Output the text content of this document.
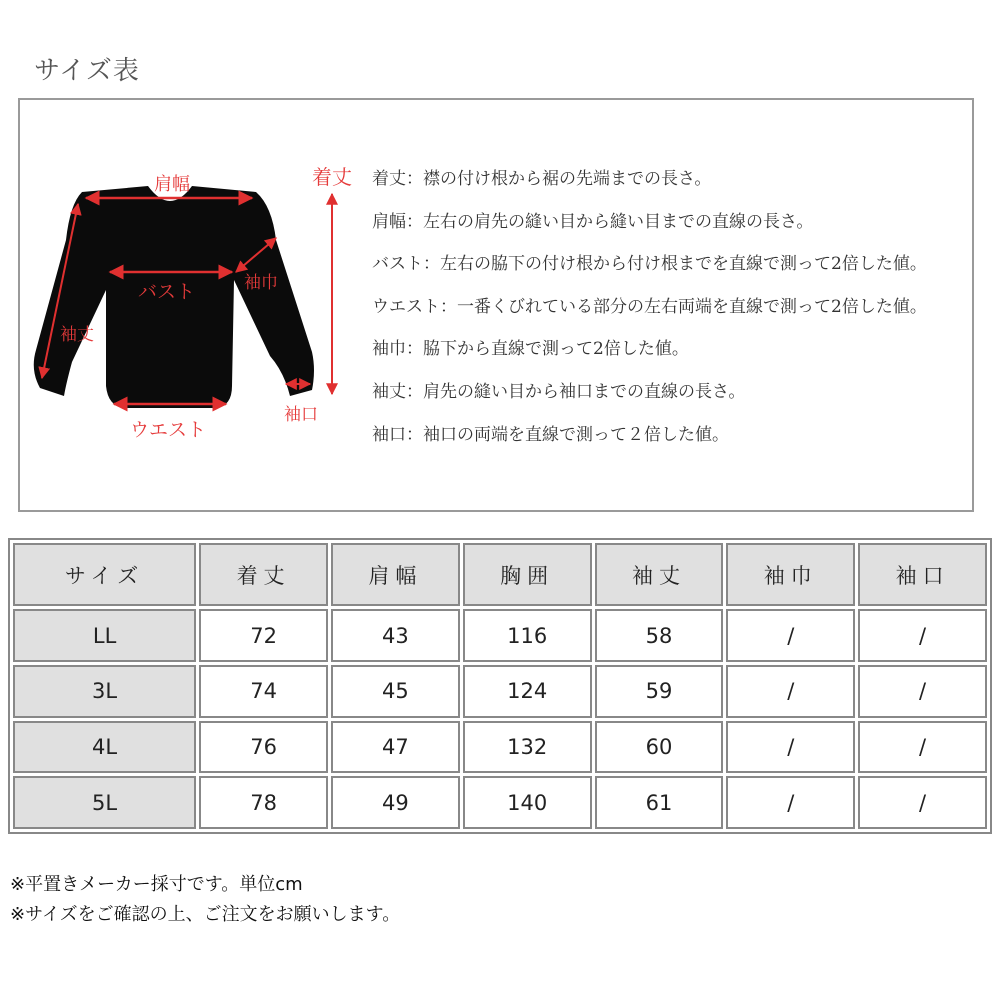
サイズ表
着丈
肩幅
バスト	袖巾
袖丈
ウエスト
袖口
着丈：襟の付け根から裾の先端までの長さ。
肩幅：左右の肩先の縫い目から縫い目までの直線の長さ。
バスト：左右の脇下の付け根から付け根までを直線で測って2倍した値。
ウエスト：一番くびれている部分の左右両端を直線で測って2倍した値。
袖巾：脇下から直線で測って2倍した値。
袖丈：肩先の縫い目から袖口までの直線の長さ。
袖口：袖口の両端を直線で測って２倍した値。
サイズ	着丈	肩幅	胸囲	袖丈	袖巾	袖口
LL	72	43	116	58	/	/
3L	74	45	124	59	/	/
4L	76	47	132	60	/	/
5L	78	49	140	61	/	/
※平置きメーカー採寸です。単位cm
※サイズをご確認の上、ご注文をお願いします。
